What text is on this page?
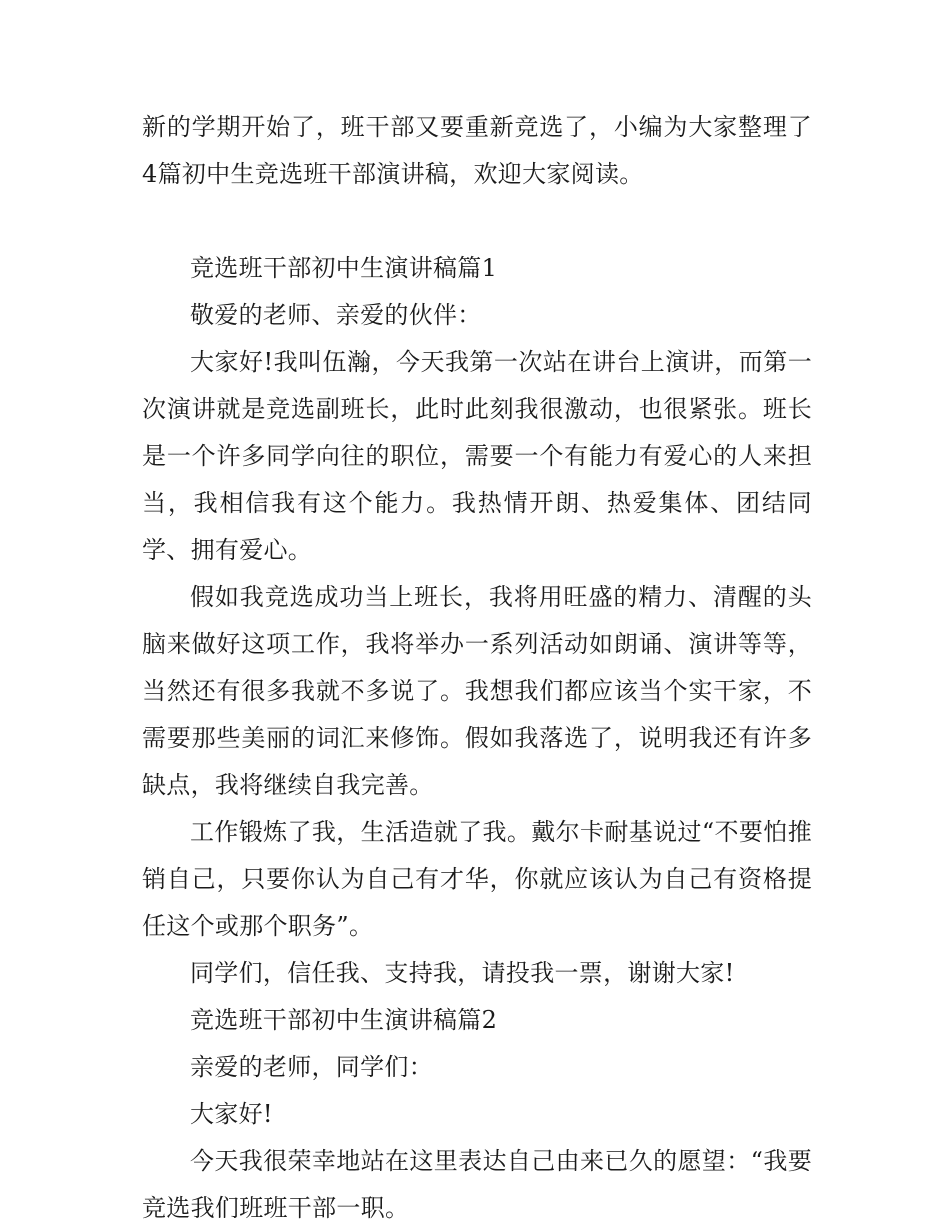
新的学期开始了，班干部又要重新竞选了，小编为大家整理了4篇初中生竞选班干部演讲稿，欢迎大家阅读。

竞选班干部初中生演讲稿篇1

敬爱的老师、亲爱的伙伴：

大家好!我叫伍瀚，今天我第一次站在讲台上演讲，而第一次演讲就是竞选副班长，此时此刻我很激动，也很紧张。班长是一个许多同学向往的职位，需要一个有能力有爱心的人来担当，我相信我有这个能力。我热情开朗、热爱集体、团结同学、拥有爱心。

假如我竞选成功当上班长，我将用旺盛的精力、清醒的头脑来做好这项工作，我将举办一系列活动如朗诵、演讲等等，当然还有很多我就不多说了。我想我们都应该当个实干家，不需要那些美丽的词汇来修饰。假如我落选了，说明我还有许多缺点，我将继续自我完善。

工作锻炼了我，生活造就了我。戴尔卡耐基说过“不要怕推销自己，只要你认为自己有才华，你就应该认为自己有资格提任这个或那个职务”。

同学们，信任我、支持我，请投我一票，谢谢大家!

竞选班干部初中生演讲稿篇2

亲爱的老师，同学们：

大家好!

今天我很荣幸地站在这里表达自己由来已久的愿望：“我要竞选我们班班干部一职。
